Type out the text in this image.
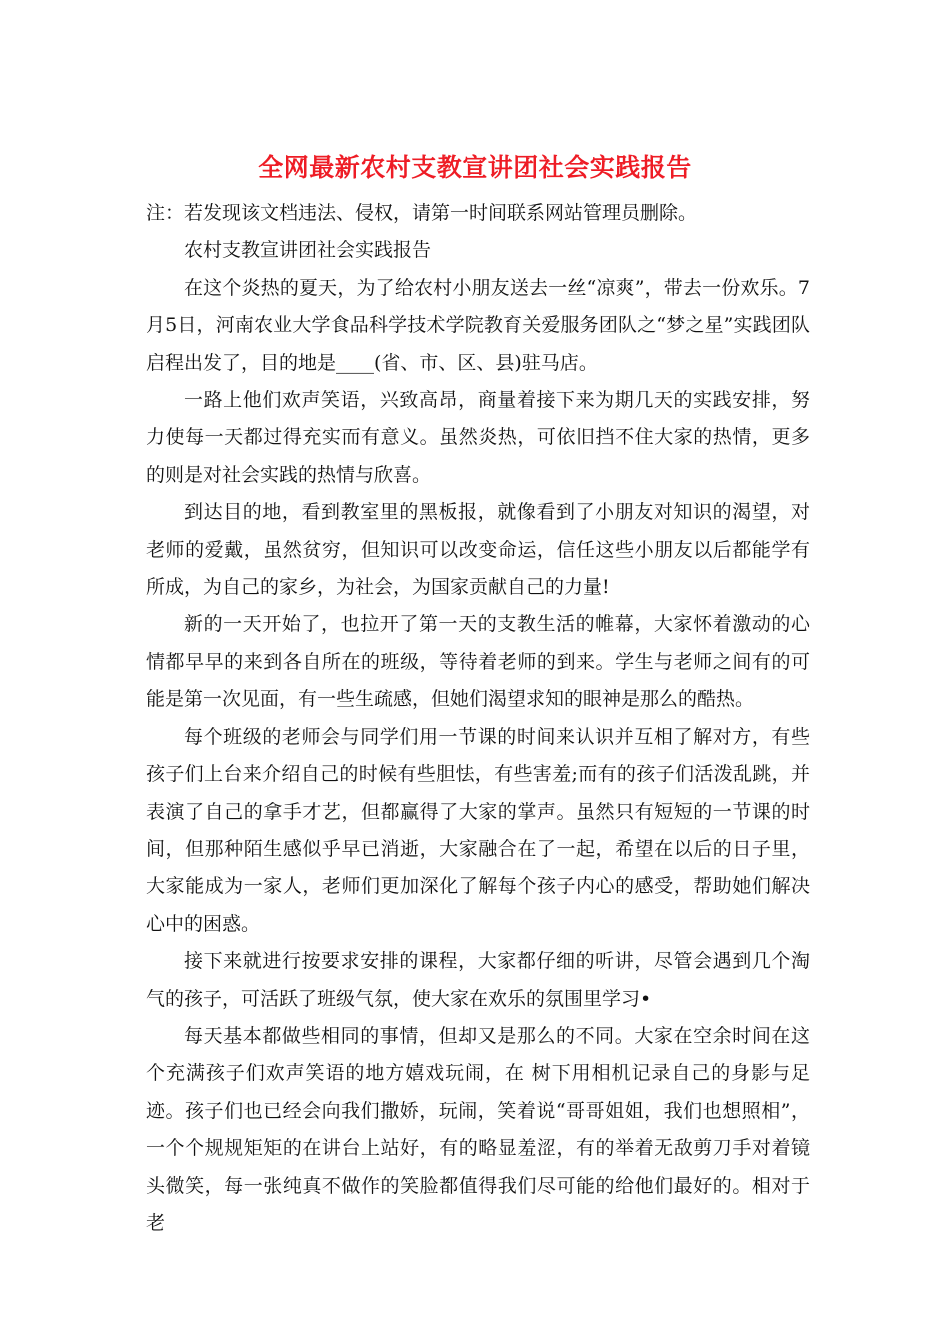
全网最新农村支教宣讲团社会实践报告

注：若发现该文档违法、侵权，请第一时间联系网站管理员删除。

农村支教宣讲团社会实践报告

在这个炎热的夏天，为了给农村小朋友送去一丝“凉爽”，带去一份欢乐。7月5日，河南农业大学食品科学技术学院教育关爱服务团队之“梦之星”实践团队启程出发了，目的地是____(省、市、区、县)驻马店。

一路上他们欢声笑语，兴致高昂，商量着接下来为期几天的实践安排，努力使每一天都过得充实而有意义。虽然炎热，可依旧挡不住大家的热情，更多的则是对社会实践的热情与欣喜。

到达目的地，看到教室里的黑板报，就像看到了小朋友对知识的渴望，对老师的爱戴，虽然贫穷，但知识可以改变命运，信任这些小朋友以后都能学有所成，为自己的家乡，为社会，为国家贡献自己的力量!

新的一天开始了，也拉开了第一天的支教生活的帷幕，大家怀着激动的心情都早早的来到各自所在的班级，等待着老师的到来。学生与老师之间有的可能是第一次见面，有一些生疏感，但她们渴望求知的眼神是那么的酷热。

每个班级的老师会与同学们用一节课的时间来认识并互相了解对方，有些孩子们上台来介绍自己的时候有些胆怯，有些害羞;而有的孩子们活泼乱跳，并表演了自己的拿手才艺，但都赢得了大家的掌声。虽然只有短短的一节课的时间，但那种陌生感似乎早已消逝，大家融合在了一起，希望在以后的日子里，大家能成为一家人，老师们更加深化了解每个孩子内心的感受，帮助她们解决心中的困惑。

接下来就进行按要求安排的课程，大家都仔细的听讲，尽管会遇到几个淘气的孩子，可活跃了班级气氛，使大家在欢乐的氛围里学习•

每天基本都做些相同的事情，但却又是那么的不同。大家在空余时间在这个充满孩子们欢声笑语的地方嬉戏玩闹，在 树下用相机记录自己的身影与足迹。孩子们也已经会向我们撒娇，玩闹，笑着说“哥哥姐姐，我们也想照相”，一个个规规矩矩的在讲台上站好，有的略显羞涩，有的举着无敌剪刀手对着镜头微笑，每一张纯真不做作的笑脸都值得我们尽可能的给他们最好的。相对于老
